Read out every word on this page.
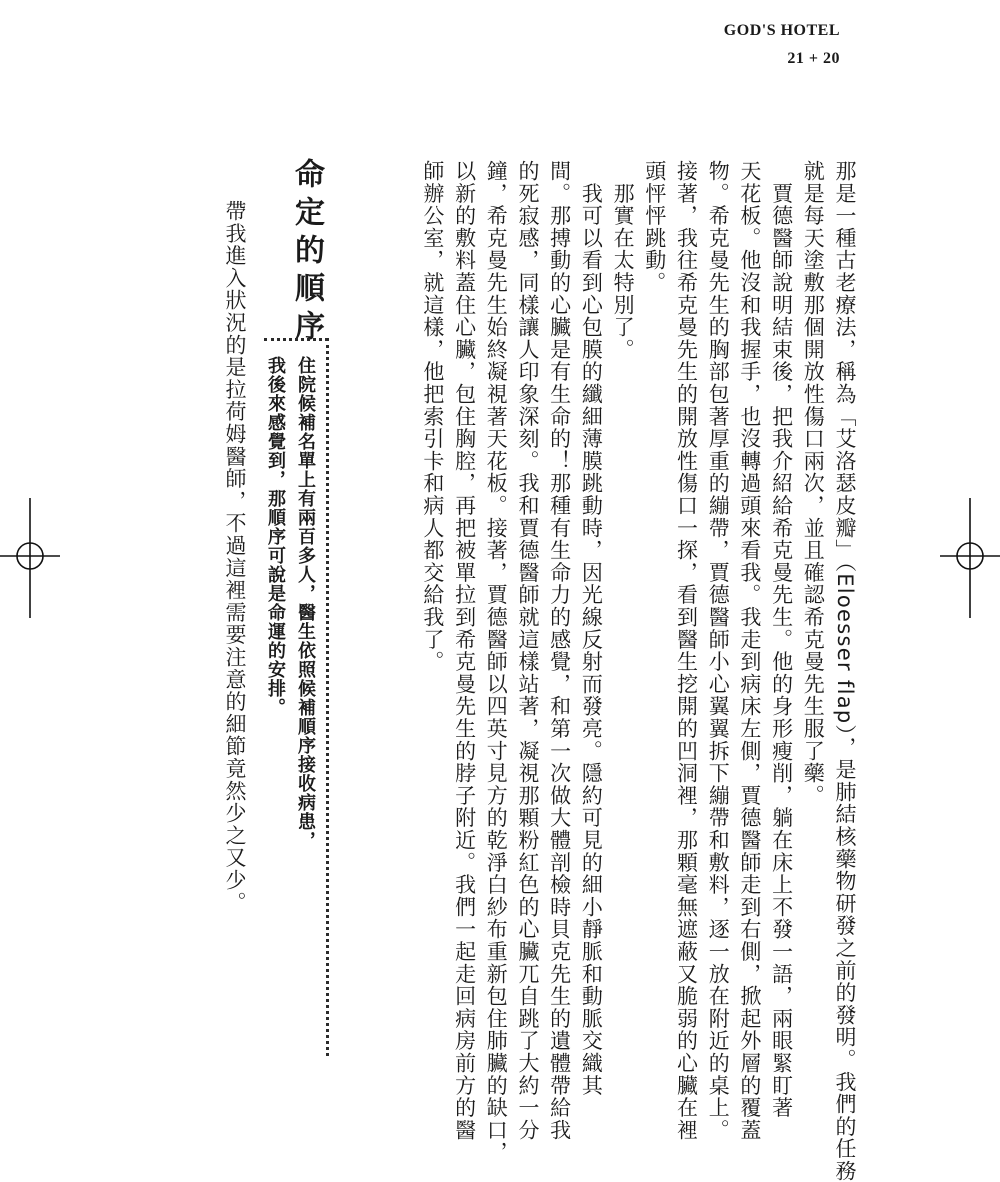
GOD'S HOTEL
21 + 20
那是一種古老療法，稱為「艾洛瑟皮瓣」（Eloesser flap），是肺結核藥物研發之前的發明。我們的任務
就是每天塗敷那個開放性傷口兩次，並且確認希克曼先生服了藥。
　賈德醫師說明結束後，把我介紹給希克曼先生。他的身形瘦削，躺在床上不發一語，兩眼緊盯著
天花板。他沒和我握手，也沒轉過頭來看我。我走到病床左側，賈德醫師走到右側，掀起外層的覆蓋
物。希克曼先生的胸部包著厚重的繃帶，賈德醫師小心翼翼拆下繃帶和敷料，逐一放在附近的桌上。
接著，我往希克曼先生的開放性傷口一探，看到醫生挖開的凹洞裡，那顆毫無遮蔽又脆弱的心臟在裡
頭怦怦跳動。
　那實在太特別了。
　我可以看到心包膜的纖細薄膜跳動時，因光線反射而發亮。隱約可見的細小靜脈和動脈交織其
間。那搏動的心臟是有生命的！那種有生命力的感覺，和第一次做大體剖檢時貝克先生的遺體帶給我
的死寂感，同樣讓人印象深刻。我和賈德醫師就這樣站著，凝視那顆粉紅色的心臟兀自跳了大約一分
鐘，希克曼先生始終凝視著天花板。接著，賈德醫師以四英寸見方的乾淨白紗布重新包住肺臟的缺口，
以新的敷料蓋住心臟，包住胸腔，再把被單拉到希克曼先生的脖子附近。我們一起走回病房前方的醫
師辦公室，就這樣，他把索引卡和病人都交給我了。
命定的順序
住院候補名單上有兩百多人，醫生依照候補順序接收病患，
我後來感覺到，那順序可說是命運的安排。
帶我進入狀況的是拉荷姆醫師，不過這裡需要注意的細節竟然少之又少。
